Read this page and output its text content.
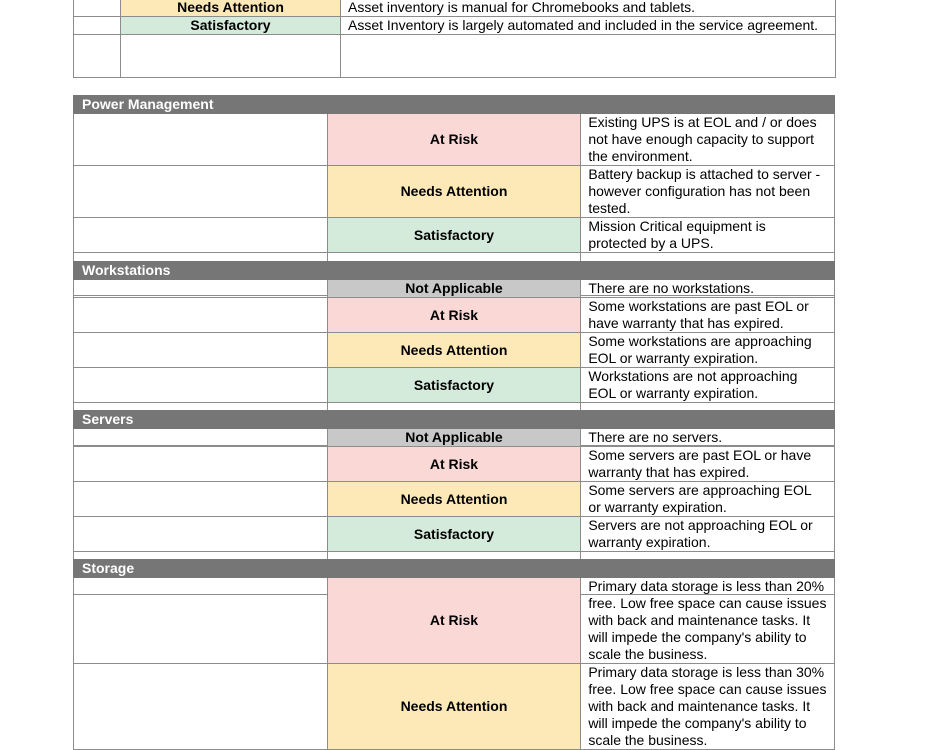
	Needs Attention	Asset inventory is manual for Chromebooks and tablets.
	Satisfactory	Asset Inventory is largely automated and included in the service agreement.

Power Management		
	At Risk	Existing UPS is at EOL and / or does not have enough capacity to support the environment.
	Needs Attention	Battery backup is attached to server - however configuration has not been tested.
	Satisfactory	Mission Critical equipment is protected by a UPS.

Workstations		
	Not Applicable	There are no workstations.
	At Risk	Some workstations are past EOL or have warranty that has expired.
	Needs Attention	Some workstations are approaching EOL or warranty expiration.
	Satisfactory	Workstations are not approaching EOL or warranty expiration.

Servers		
	Not Applicable	There are no servers.
	At Risk	Some servers are past EOL or have warranty that has expired.
	Needs Attention	Some servers are approaching EOL or warranty expiration.
	Satisfactory	Servers are not approaching EOL or warranty expiration.

Storage		
	At Risk	Primary data storage is less than 20% free. Low free space can cause issues with back and maintenance tasks. It will impede the company's ability to scale the business.
	Needs Attention	Primary data storage is less than 30% free. Low free space can cause issues with back and maintenance tasks. It will impede the company's ability to scale the business.
